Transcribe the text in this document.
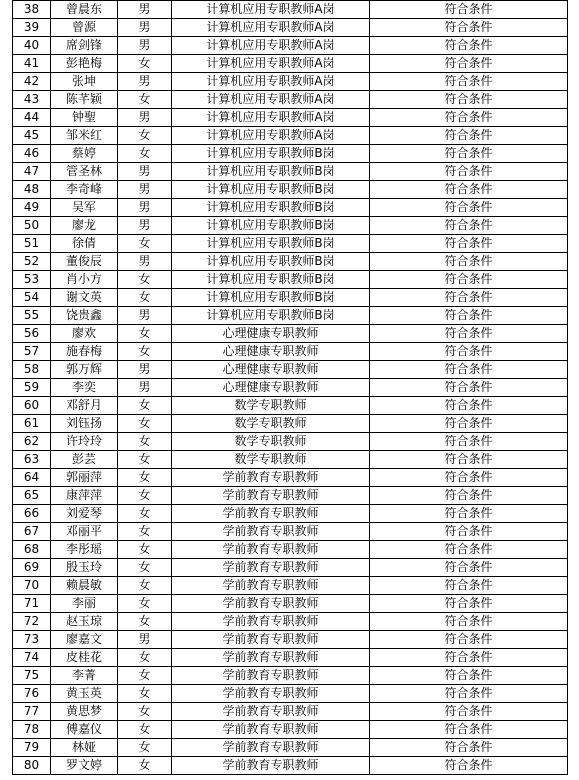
38	曾晨东	男	计算机应用专职教师A岗	符合条件
39	曾源	男	计算机应用专职教师A岗	符合条件
40	席剑锋	男	计算机应用专职教师A岗	符合条件
41	彭艳梅	女	计算机应用专职教师A岗	符合条件
42	张坤	男	计算机应用专职教师A岗	符合条件
43	陈芊颖	女	计算机应用专职教师A岗	符合条件
44	钟聖	男	计算机应用专职教师A岗	符合条件
45	邹米红	女	计算机应用专职教师A岗	符合条件
46	蔡婷	女	计算机应用专职教师B岗	符合条件
47	管圣林	男	计算机应用专职教师B岗	符合条件
48	李奇峰	男	计算机应用专职教师B岗	符合条件
49	吴军	男	计算机应用专职教师B岗	符合条件
50	廖龙	男	计算机应用专职教师B岗	符合条件
51	徐倩	女	计算机应用专职教师B岗	符合条件
52	董俊辰	男	计算机应用专职教师B岗	符合条件
53	肖小方	女	计算机应用专职教师B岗	符合条件
54	谢文英	女	计算机应用专职教师B岗	符合条件
55	饶贵鑫	男	计算机应用专职教师B岗	符合条件
56	廖欢	女	心理健康专职教师	符合条件
57	施春梅	女	心理健康专职教师	符合条件
58	郭万辉	男	心理健康专职教师	符合条件
59	李奕	男	心理健康专职教师	符合条件
60	邓舒月	女	数学专职教师	符合条件
61	刘钰扬	女	数学专职教师	符合条件
62	许玲玲	女	数学专职教师	符合条件
63	彭芸	女	数学专职教师	符合条件
64	郭丽萍	女	学前教育专职教师	符合条件
65	康萍萍	女	学前教育专职教师	符合条件
66	刘爱琴	女	学前教育专职教师	符合条件
67	邓丽平	女	学前教育专职教师	符合条件
68	李彤瑶	女	学前教育专职教师	符合条件
69	殷玉玲	女	学前教育专职教师	符合条件
70	赖晨敏	女	学前教育专职教师	符合条件
71	李丽	女	学前教育专职教师	符合条件
72	赵玉琼	女	学前教育专职教师	符合条件
73	廖嘉文	男	学前教育专职教师	符合条件
74	皮桂花	女	学前教育专职教师	符合条件
75	李菁	女	学前教育专职教师	符合条件
76	黄玉英	女	学前教育专职教师	符合条件
77	黄思梦	女	学前教育专职教师	符合条件
78	傅嘉仪	女	学前教育专职教师	符合条件
79	林娅	女	学前教育专职教师	符合条件
80	罗文婷	女	学前教育专职教师	符合条件
